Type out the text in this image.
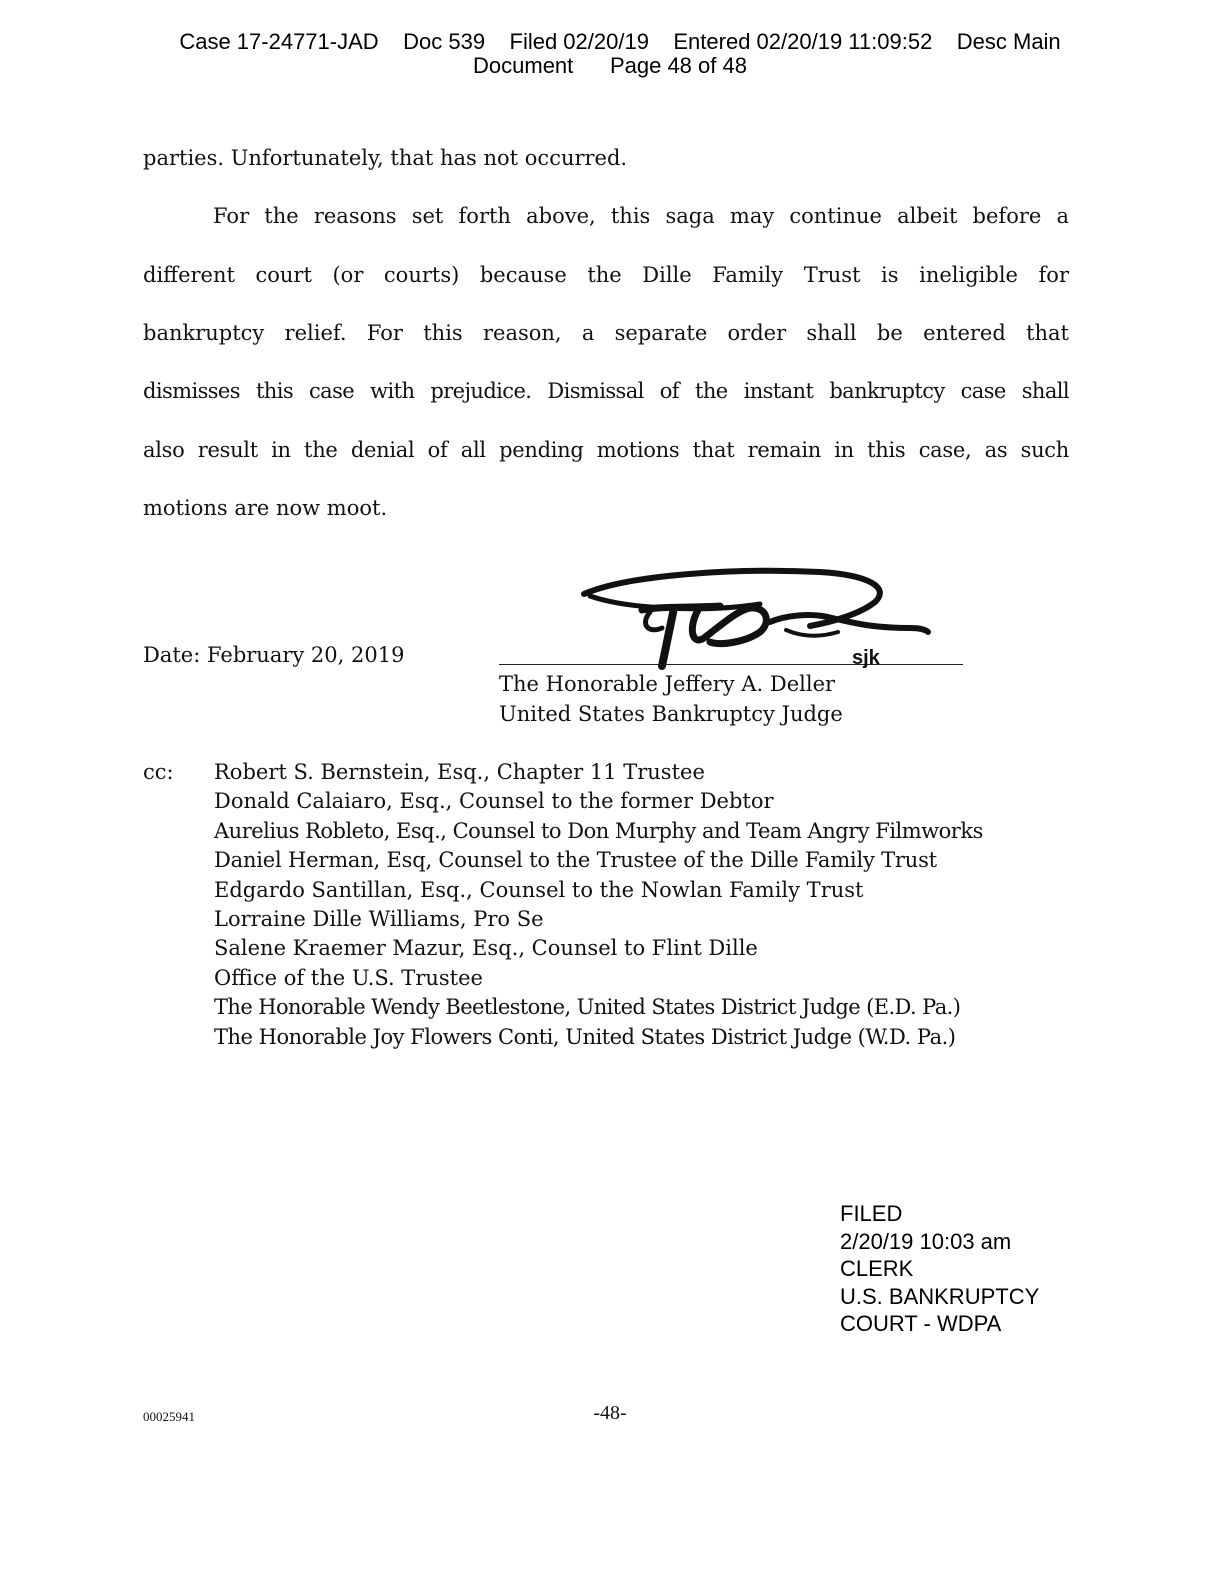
Case 17-24771-JAD    Doc 539    Filed 02/20/19    Entered 02/20/19 11:09:52    Desc Main
Document      Page 48 of 48
parties. Unfortunately, that has not occurred.
For the reasons set forth above, this saga may continue albeit before a
different court (or courts) because the Dille Family Trust is ineligible for
bankruptcy relief. For this reason, a separate order shall be entered that
dismisses this case with prejudice. Dismissal of the instant bankruptcy case shall
also result in the denial of all pending motions that remain in this case, as such
motions are now moot.
Date: February 20, 2019	sjk
The Honorable Jeffery A. Deller
United States Bankruptcy Judge
cc: Robert S. Bernstein, Esq., Chapter 11 Trustee
Donald Calaiaro, Esq., Counsel to the former Debtor
Aurelius Robleto, Esq., Counsel to Don Murphy and Team Angry Filmworks
Daniel Herman, Esq, Counsel to the Trustee of the Dille Family Trust
Edgardo Santillan, Esq., Counsel to the Nowlan Family Trust
Lorraine Dille Williams, Pro Se
Salene Kraemer Mazur, Esq., Counsel to Flint Dille
Office of the U.S. Trustee
The Honorable Wendy Beetlestone, United States District Judge (E.D. Pa.)
The Honorable Joy Flowers Conti, United States District Judge (W.D. Pa.)
FILED
2/20/19 10:03 am
CLERK
U.S. BANKRUPTCY
COURT - WDPA
00025941	-48-
